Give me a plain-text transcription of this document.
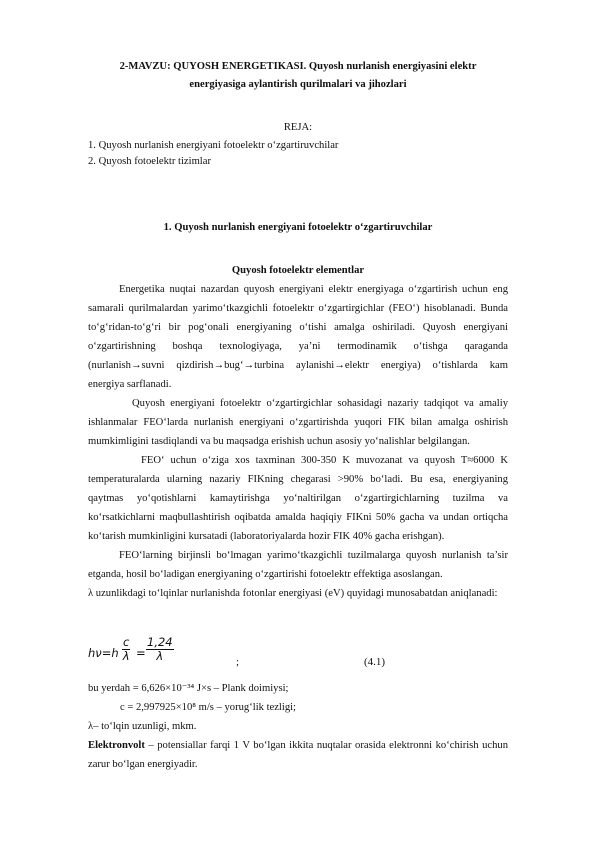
2-MAVZU: QUYOSH ENERGETIKASI. Quyosh nurlanish energiyasini elektr
energiyasiga aylantirish qurilmalari va jihozlari
REJA:
1. Quyosh nurlanish energiyani fotoelektr o‘zgartiruvchilar
2. Quyosh fotoelektr tizimlar
1. Quyosh nurlanish energiyani fotoelektr o‘zgartiruvchilar
Quyosh fotoelektr elementlar
Energetika nuqtai nazardan quyosh energiyani elektr energiyaga o‘zgartirish uchun eng
samarali qurilmalardan yarimo‘tkazgichli fotoelektr o‘zgartirgichlar (FEO‘) hisoblanadi. Bunda
to‘g‘ridan-to‘g‘ri bir pog‘onali energiyaning o‘tishi amalga oshiriladi. Quyosh energiyani
o‘zgartirishning boshqa texnologiyaga, ya’ni termodinamik o‘tishga qaraganda
(nurlanish→suvni qizdirish→bug‘→turbina aylanishi→elektr energiya) o‘tishlarda kam
energiya sarflanadi.
Quyosh energiyani fotoelektr o‘zgartirgichlar sohasidagi nazariy tadqiqot va amaliy
ishlanmalar FEO‘larda nurlanish energiyani o‘zgartirishda yuqori FIK bilan amalga oshirish
mumkimligini tasdiqlandi va bu maqsadga erishish uchun asosiy yo‘nalishlar belgilangan.
FEO‘ uchun o‘ziga xos taxminan 300-350 K muvozanat va quyosh T≈6000 K
temperaturalarda ularning nazariy FIKning chegarasi >90% bo‘ladi. Bu esa, energiyaning
qaytmas yo‘qotishlarni kamaytirishga yo‘naltirilgan o‘zgartirgichlarning tuzilma va
ko‘rsatkichlarni maqbullashtirish oqibatda amalda haqiqiy FIKni 50% gacha va undan ortiqcha
ko‘tarish mumkinligini kursatadi (laboratoriyalarda hozir FIK 40% gacha erishgan).
FEO‘larning birjinsli bo‘lmagan yarimo‘tkazgichli tuzilmalarga quyosh nurlanish ta’sir
etganda, hosil bo‘ladigan energiyaning o‘zgartirishi fotoelektr effektiga asoslangan.
λ uzunlikdagi to‘lqinlar nurlanishda fotonlar energiyasi (eV) quyidagi munosabatdan aniqlanadi:
$h\nu=h \frac{c}{\lambda} = \frac{1,24}{\lambda}$	;	(4.1)
bu yerdah = 6,626×10⁻³⁴ J×s – Plank doimiysi;
c = 2,997925×10⁸ m/s – yorug‘lik tezligi;
λ– to‘lqin uzunligi, mkm.
Elektronvolt – potensiallar farqi 1 V bo‘lgan ikkita nuqtalar orasida elektronni ko‘chirish uchun
zarur bo‘lgan energiyadir.
